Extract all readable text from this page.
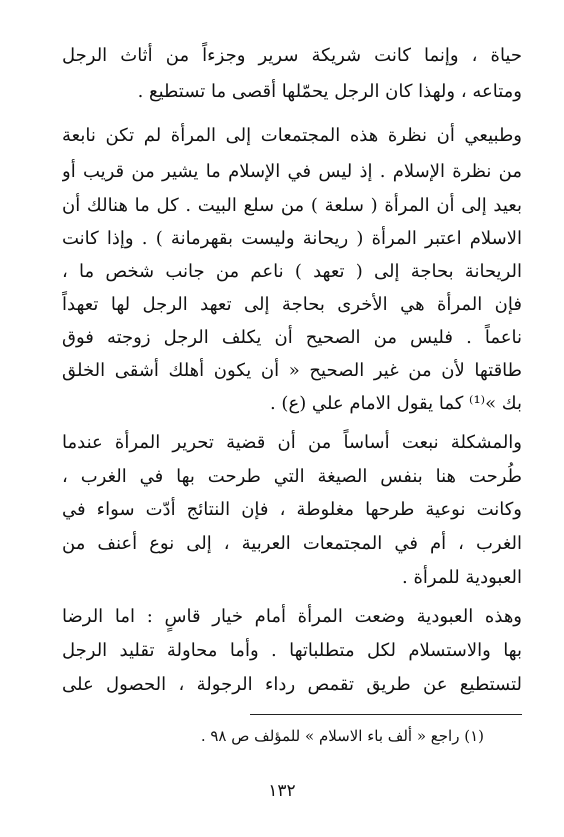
حياة ، وإنما كانت شريكة سرير وجزءاً من أثاث الرجل
ومتاعه ، ولهذا كان الرجل يحمّلها أقصى ما تستطيع .
وطبيعي أن نظرة هذه المجتمعات إلى المرأة لم تكن نابعة
من نظرة الإسلام . إذ ليس في الإسلام ما يشير من قريب أو
بعيد إلى أن المرأة ( سلعة ) من سلع البيت . كل ما هنالك أن
الاسلام اعتبر المرأة ( ريحانة وليست بقهرمانة ) . وإذا كانت
الريحانة بحاجة إلى ( تعهد ) ناعم من جانب شخص ما ،
فإن المرأة هي الأخرى بحاجة إلى تعهد الرجل لها تعهداً
ناعماً . فليس من الصحيح أن يكلف الرجل زوجته فوق
طاقتها لأن من غير الصحيح « أن يكون أهلك أشقى الخلق
بك »⁽¹⁾ كما يقول الامام علي (ع) .
والمشكلة نبعت أساساً من أن قضية تحرير المرأة عندما
طُرحت هنا بنفس الصيغة التي طرحت بها في الغرب ،
وكانت نوعية طرحها مغلوطة ، فإن النتائج أدّت سواء في
الغرب ، أم في المجتمعات العربية ، إلى نوع أعنف من
العبودية للمرأة .
وهذه العبودية وضعت المرأة أمام خيار قاسٍ : اما الرضا
بها والاستسلام لكل متطلباتها . وأما محاولة تقليد الرجل
لتستطيع عن طريق تقمص رداء الرجولة ، الحصول على
(١) راجع « ألف باء الاسلام » للمؤلف ص ٩٨ .
١٣٢
